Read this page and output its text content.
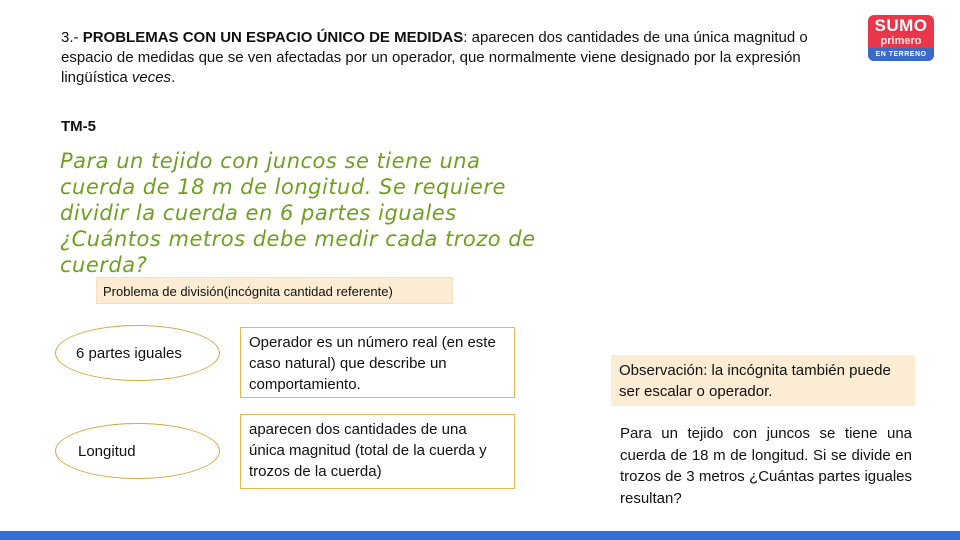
3.- PROBLEMAS CON UN ESPACIO ÚNICO DE MEDIDAS: aparecen dos cantidades de una única magnitud o espacio de medidas que se ven afectadas por un operador, que normalmente viene designado por la expresión lingüística veces.
TM-5
Para un tejido con juncos se tiene una cuerda de 18 m de longitud. Se requiere dividir la cuerda en 6 partes iguales ¿Cuántos metros debe medir cada trozo de cuerda?
Problema de división(incógnita cantidad referente)
6 partes iguales
Longitud
Operador es un número real (en este caso natural) que describe un comportamiento.
aparecen dos cantidades de una única magnitud (total de la cuerda y trozos de la cuerda)
Observación: la incógnita también puede ser escalar o operador.
Para un tejido con juncos se tiene una cuerda de 18 m de longitud. Si se divide en trozos de 3 metros ¿Cuántas partes iguales resultan?
SUMO
primero
EN TERRENO
